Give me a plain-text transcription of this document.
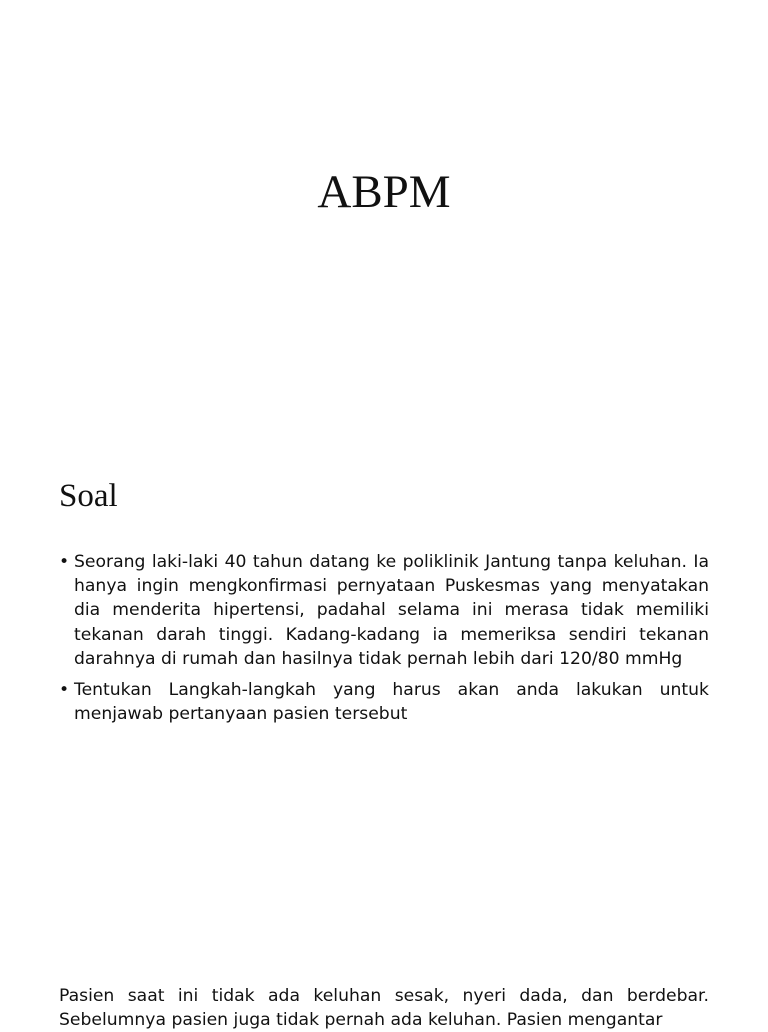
ABPM
Soal
• Seorang laki-laki 40 tahun datang ke poliklinik Jantung tanpa keluhan. Ia hanya ingin mengkonfirmasi pernyataan Puskesmas yang menyatakan dia menderita hipertensi, padahal selama ini merasa tidak memiliki tekanan darah tinggi. Kadang-kadang ia memeriksa sendiri tekanan darahnya di rumah dan hasilnya tidak pernah lebih dari 120/80 mmHg
• Tentukan Langkah-langkah yang harus akan anda lakukan untuk menjawab pertanyaan pasien tersebut

Pasien saat ini tidak ada keluhan sesak, nyeri dada, dan berdebar. Sebelumnya pasien juga tidak pernah ada keluhan. Pasien mengantar
